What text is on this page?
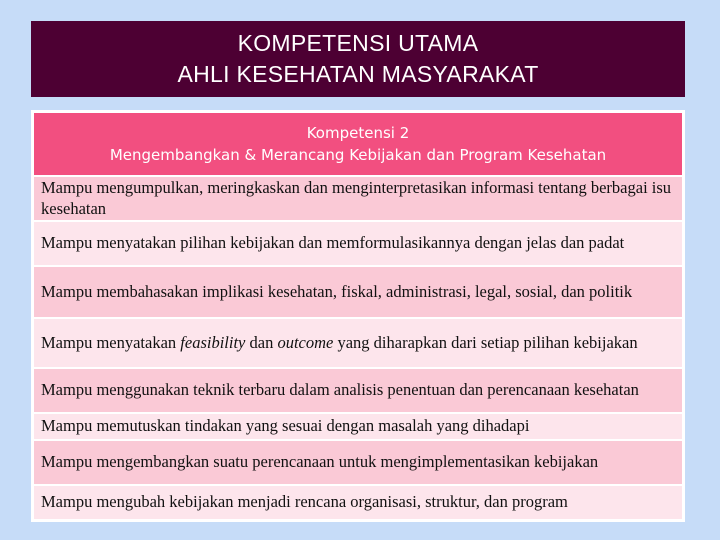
KOMPETENSI UTAMA
AHLI KESEHATAN MASYARAKAT
Kompetensi 2
Mengembangkan & Merancang Kebijakan dan Program Kesehatan
Mampu mengumpulkan, meringkaskan dan menginterpretasikan informasi tentang berbagai isu kesehatan
Mampu menyatakan pilihan kebijakan dan memformulasikannya dengan jelas dan padat
Mampu membahasakan implikasi kesehatan, fiskal, administrasi, legal, sosial, dan politik
Mampu menyatakan feasibility dan outcome yang diharapkan dari setiap pilihan kebijakan
Mampu menggunakan teknik terbaru dalam analisis penentuan dan perencanaan kesehatan
Mampu memutuskan tindakan yang sesuai dengan masalah yang dihadapi
Mampu mengembangkan suatu perencanaan untuk mengimplementasikan kebijakan
Mampu mengubah kebijakan menjadi rencana organisasi, struktur, dan program
